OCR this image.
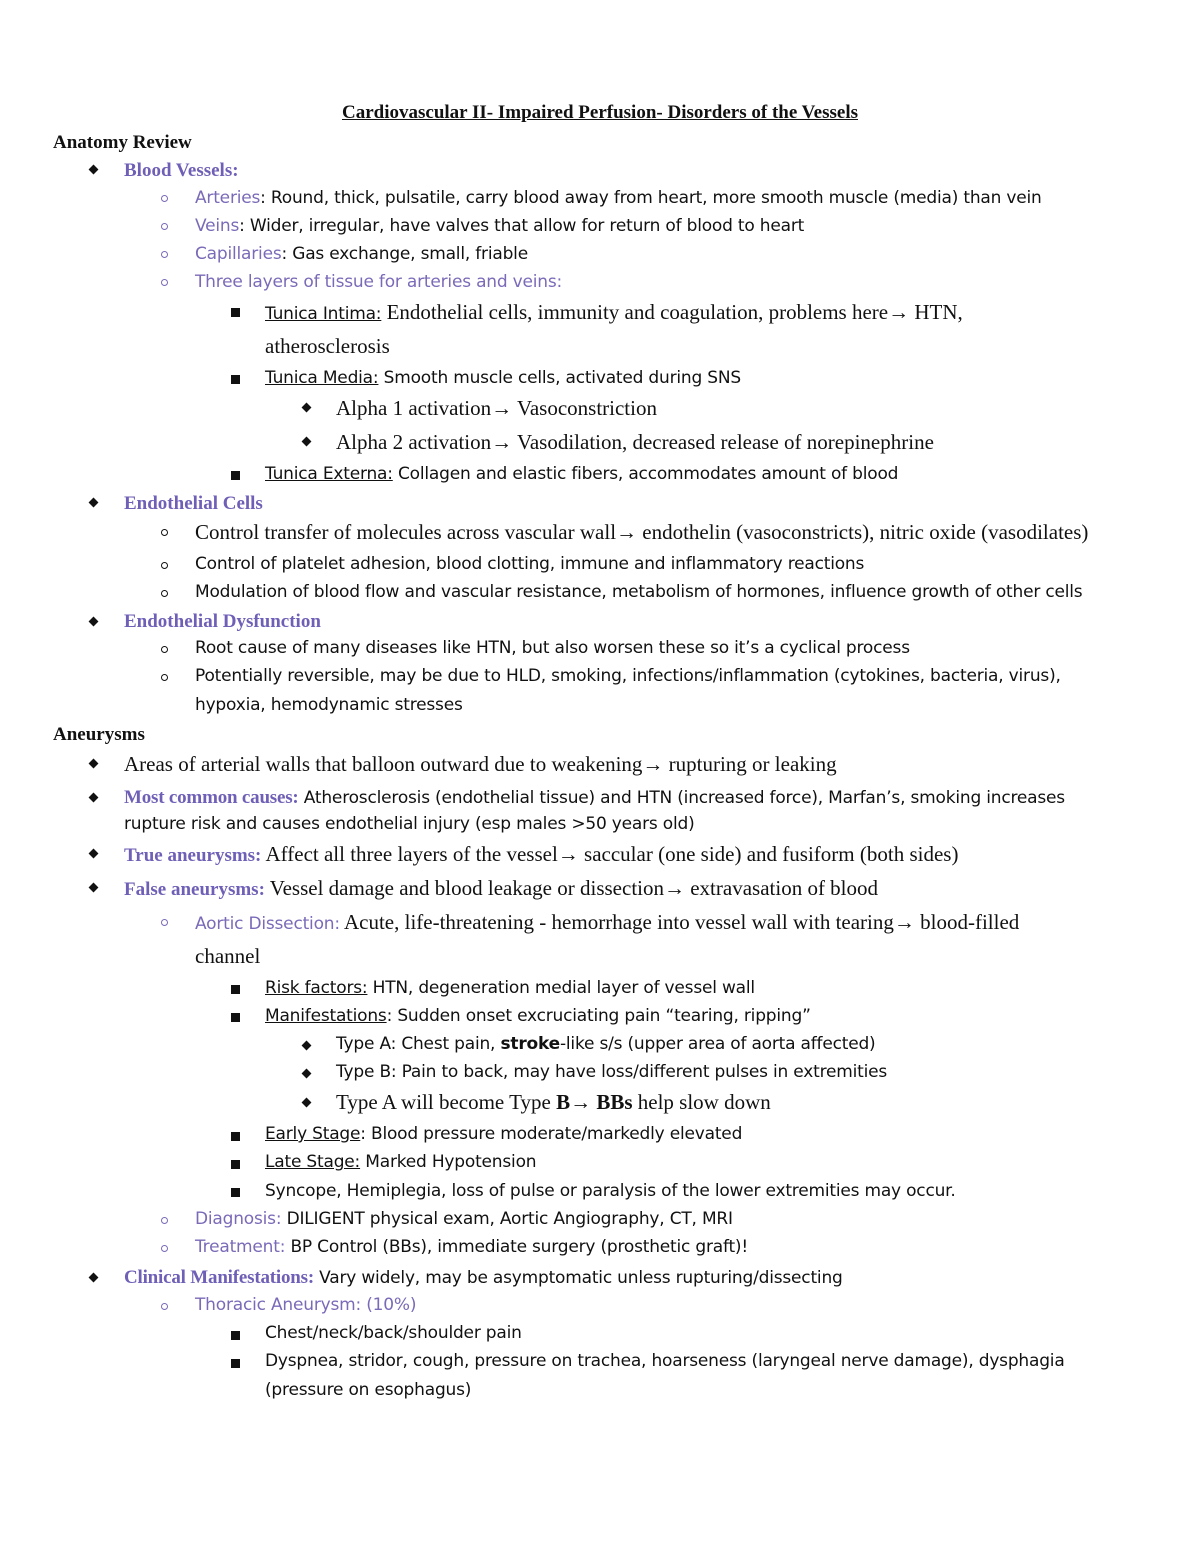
Cardiovascular II- Impaired Perfusion- Disorders of the Vessels
Anatomy Review
Blood Vessels:
Arteries: Round, thick, pulsatile, carry blood away from heart, more smooth muscle (media) than vein
Veins: Wider, irregular, have valves that allow for return of blood to heart
Capillaries: Gas exchange, small, friable
Three layers of tissue for arteries and veins:
Tunica Intima: Endothelial cells, immunity and coagulation, problems here→ HTN,
atherosclerosis
Tunica Media: Smooth muscle cells, activated during SNS
Alpha 1 activation→ Vasoconstriction
Alpha 2 activation→ Vasodilation, decreased release of norepinephrine
Tunica Externa: Collagen and elastic fibers, accommodates amount of blood
Endothelial Cells
Control transfer of molecules across vascular wall→ endothelin (vasoconstricts), nitric oxide (vasodilates)
Control of platelet adhesion, blood clotting, immune and inflammatory reactions
Modulation of blood flow and vascular resistance, metabolism of hormones, influence growth of other cells
Endothelial Dysfunction
Root cause of many diseases like HTN, but also worsen these so it’s a cyclical process
Potentially reversible, may be due to HLD, smoking, infections/inflammation (cytokines, bacteria, virus),
hypoxia, hemodynamic stresses
Aneurysms
Areas of arterial walls that balloon outward due to weakening→ rupturing or leaking
Most common causes: Atherosclerosis (endothelial tissue) and HTN (increased force), Marfan’s, smoking increases
rupture risk and causes endothelial injury (esp males >50 years old)
True aneurysms: Affect all three layers of the vessel→ saccular (one side) and fusiform (both sides)
False aneurysms: Vessel damage and blood leakage or dissection→ extravasation of blood
Aortic Dissection: Acute, life-threatening - hemorrhage into vessel wall with tearing→ blood-filled
channel
Risk factors: HTN, degeneration medial layer of vessel wall
Manifestations: Sudden onset excruciating pain “tearing, ripping”
Type A: Chest pain, stroke-like s/s (upper area of aorta affected)
Type B: Pain to back, may have loss/different pulses in extremities
Type A will become Type B→ BBs help slow down
Early Stage: Blood pressure moderate/markedly elevated
Late Stage: Marked Hypotension
Syncope, Hemiplegia, loss of pulse or paralysis of the lower extremities may occur.
Diagnosis: DILIGENT physical exam, Aortic Angiography, CT, MRI
Treatment: BP Control (BBs), immediate surgery (prosthetic graft)!
Clinical Manifestations: Vary widely, may be asymptomatic unless rupturing/dissecting
Thoracic Aneurysm: (10%)
Chest/neck/back/shoulder pain
Dyspnea, stridor, cough, pressure on trachea, hoarseness (laryngeal nerve damage), dysphagia
(pressure on esophagus)
